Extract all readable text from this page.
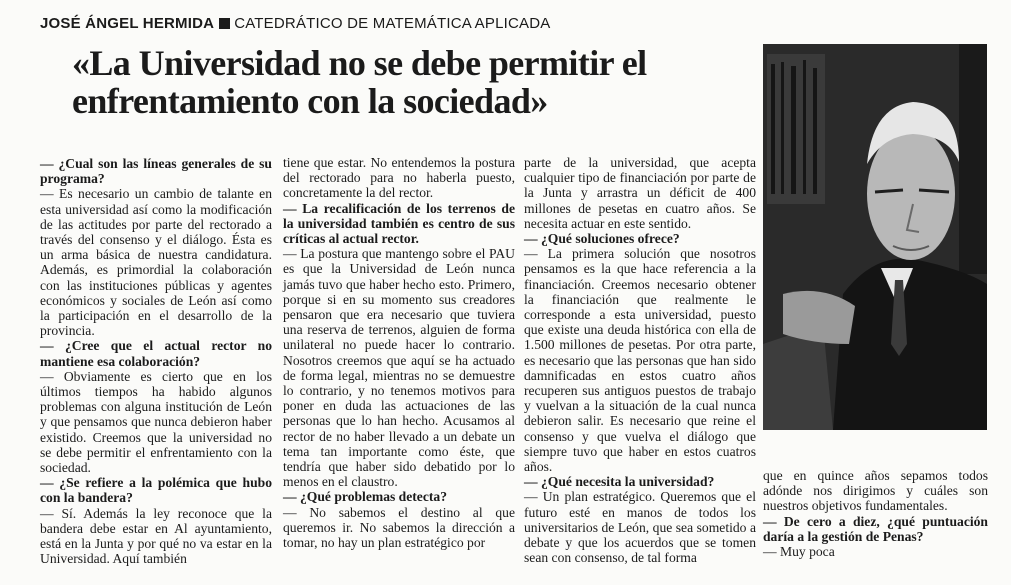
JOSÉ ÁNGEL HERMIDA CATEDRÁTICO DE MATEMÁTICA APLICADA
«La Universidad no se debe permitir el
enfrentamiento con la sociedad»

— ¿Cual son las líneas generales de su programa?

— Es necesario un cambio de talante en esta universidad así como la modificación de las actitudes por parte del rectorado a través del consenso y el diálogo. Ésta es un arma básica de nuestra candidatura. Además, es primordial la colaboración con las instituciones públicas y agentes económicos y sociales de León así como la participación en el desarrollo de la provincia.

— ¿Cree que el actual rector no mantiene esa colaboración?

— Obviamente es cierto que en los últimos tiempos ha habido algunos problemas con alguna institución de León y que pensamos que nunca debieron haber existido. Creemos que la universidad no se debe permitir el enfrentamiento con la sociedad.

— ¿Se refiere a la polémica que hubo con la bandera?

— Sí. Además la ley reconoce que la bandera debe estar en Al ayuntamiento, está en la Junta y por qué no va estar en la Universidad. Aquí también

tiene que estar. No entendemos la postura del rectorado para no haberla puesto, concretamente la del rector.

— La recalificación de los terrenos de la universidad también es centro de sus críticas al actual rector.

— La postura que mantengo sobre el PAU es que la Universidad de León nunca jamás tuvo que haber hecho esto. Primero, porque si en su momento sus creadores pensaron que era necesario que tuviera una reserva de terrenos, alguien de forma unilateral no puede hacer lo contrario. Nosotros creemos que aquí se ha actuado de forma legal, mientras no se demuestre lo contrario, y no tenemos motivos para poner en duda las actuaciones de las personas que lo han hecho. Acusamos al rector de no haber llevado a un debate un tema tan importante como éste, que tendría que haber sido debatido por lo menos en el claustro.

— ¿Qué problemas detecta?

— No sabemos el destino al que queremos ir. No sabemos la dirección a tomar, no hay un plan estratégico por

parte de la universidad, que acepta cualquier tipo de financiación por parte de la Junta y arrastra un déficit de 400 millones de pesetas en cuatro años. Se necesita actuar en este sentido.

— ¿Qué soluciones ofrece?

— La primera solución que nosotros pensamos es la que hace referencia a la financiación. Creemos necesario obtener la financiación que realmente le corresponde a esta universidad, puesto que existe una deuda histórica con ella de 1.500 millones de pesetas. Por otra parte, es necesario que las personas que han sido damnificadas en estos cuatro años recuperen sus antiguos puestos de trabajo y vuelvan a la situación de la cual nunca debieron salir. Es necesario que reine el consenso y que vuelva el diálogo que siempre tuvo que haber en estos cuatros años.

— ¿Qué necesita la universidad?

— Un plan estratégico. Queremos que el futuro esté en manos de todos los universitarios de León, que sea sometido a debate y que los acuerdos que se tomen sean con consenso, de tal forma

que en quince años sepamos todos adónde nos dirigimos y cuáles son nuestros objetivos fundamentales.

— De cero a diez, ¿qué puntuación daría a la gestión de Penas?

— Muy poca
